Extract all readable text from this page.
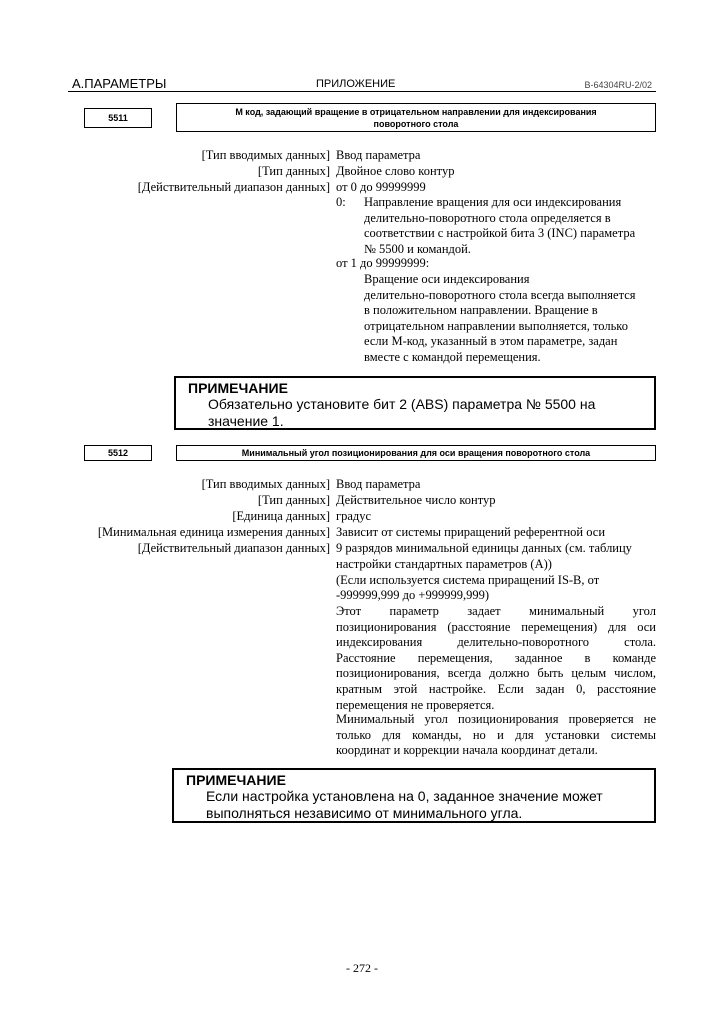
A.ПАРАМЕТРЫ	ПРИЛОЖЕНИЕ	B-64304RU-2/02
5511
М код, задающий вращение в отрицательном направлении для индексирования поворотного стола
[Тип вводимых данных] Ввод параметра
[Тип данных] Двойное слово контур
[Действительный диапазон данных] от 0 до 99999999
0: Направление вращения для оси индексирования
делительно-поворотного стола определяется в
соответствии с настройкой бита 3 (INC) параметра
№ 5500 и командой.
от 1 до 99999999:
Вращение оси индексирования
делительно-поворотного стола всегда выполняется
в положительном направлении. Вращение в
отрицательном направлении выполняется, только
если M-код, указанный в этом параметре, задан
вместе с командой перемещения.
ПРИМЕЧАНИЕ
Обязательно установите бит 2 (ABS) параметра № 5500 на
значение 1.
5512	Минимальный угол позиционирования для оси вращения поворотного стола
[Тип вводимых данных] Ввод параметра
[Тип данных] Действительное число контур
[Единица данных] градус
[Минимальная единица измерения данных] Зависит от системы приращений референтной оси
[Действительный диапазон данных] 9 разрядов минимальной единицы данных (см. таблицу
настройки стандартных параметров (A))
(Если используется система приращений IS-B, от
-999999,999 до +999999,999)
Этот параметр задает минимальный угол
позиционирования (расстояние перемещения) для оси
индексирования делительно-поворотного стола.
Расстояние перемещения, заданное в команде
позиционирования, всегда должно быть целым числом,
кратным этой настройке. Если задан 0, расстояние
перемещения не проверяется.
Минимальный угол позиционирования проверяется не
только для команды, но и для установки системы
координат и коррекции начала координат детали.
ПРИМЕЧАНИЕ
Если настройка установлена на 0, заданное значение может
выполняться независимо от минимального угла.
- 272 -
